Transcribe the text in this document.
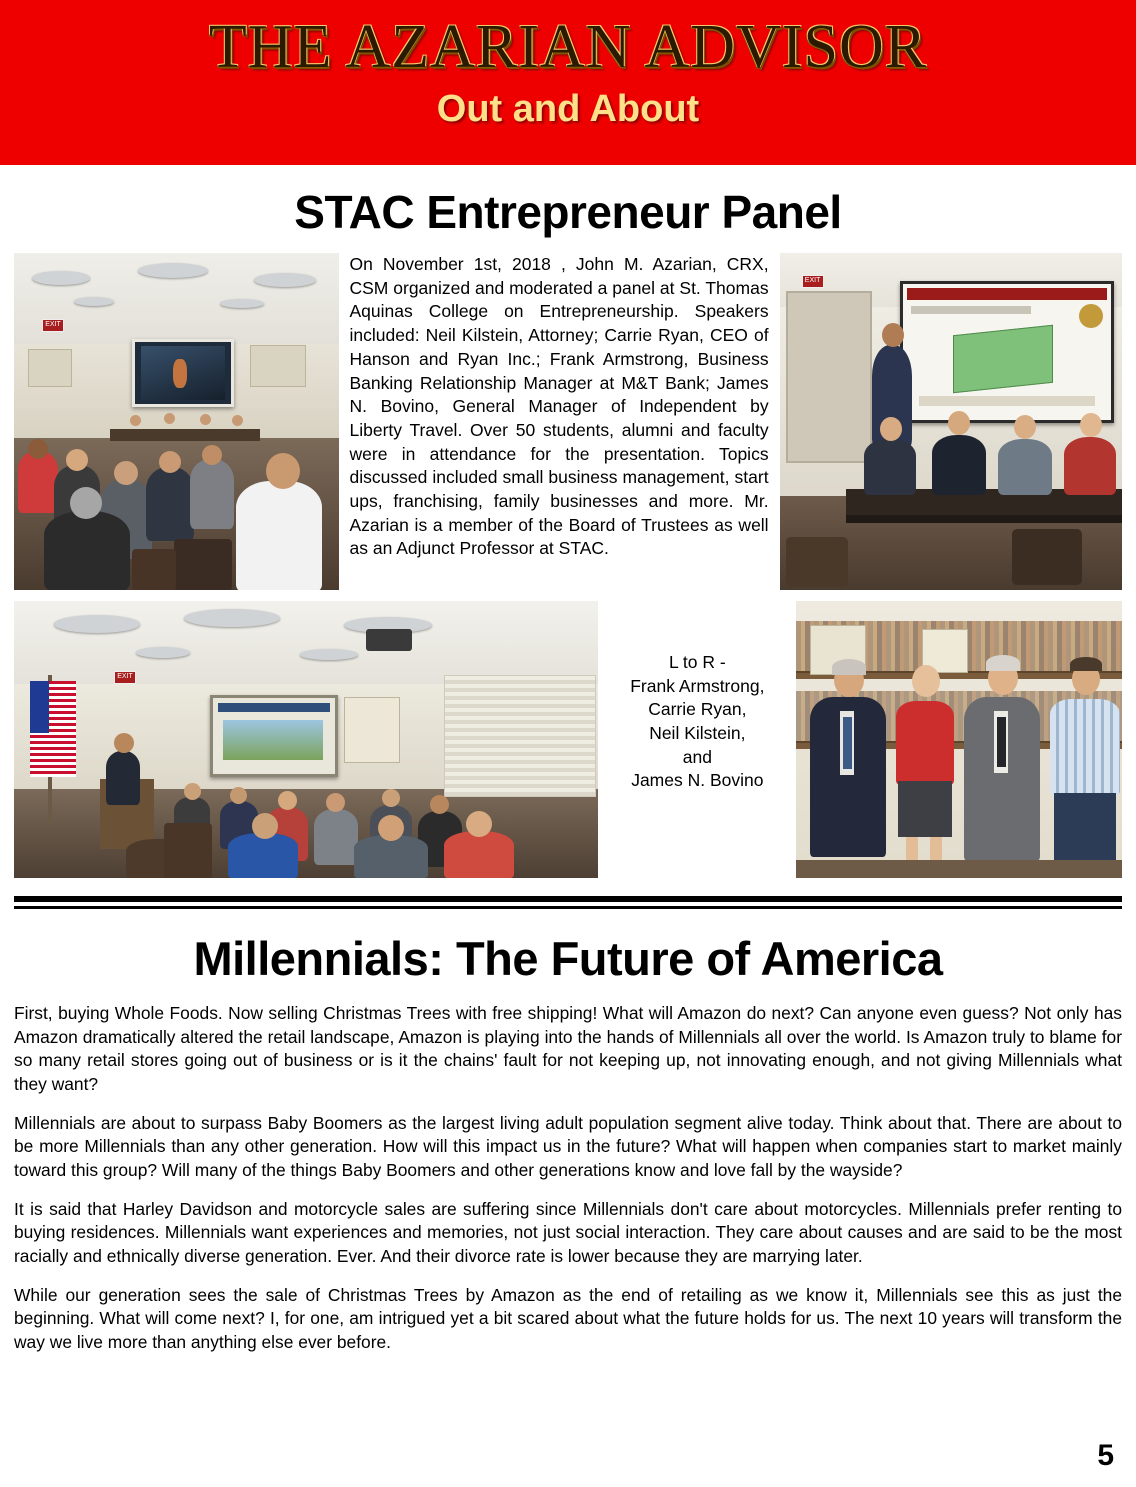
THE AZARIAN ADVISOR
Out and About
STAC Entrepreneur Panel
EXIT
On November 1st, 2018 , John M. Azarian, CRX, CSM organized and moderated a panel at St. Thomas Aquinas College on Entrepreneurship. Speakers included: Neil Kilstein, Attorney; Carrie Ryan, CEO of Hanson and Ryan Inc.; Frank Armstrong, Business Banking Relationship Manager at M&T Bank; James N. Bovino, General Manager of Independent by Liberty Travel. Over 50 students, alumni and faculty were in attendance for the presentation. Topics discussed included small business management, start ups, franchising, family businesses and more. Mr. Azarian is a member of the Board of Trustees as well as an Adjunct Professor at STAC.
EXIT
EXIT
L to R -
Frank Armstrong,
Carrie Ryan,
Neil Kilstein,
and
James N. Bovino
Millennials: The Future of America

First, buying Whole Foods. Now selling Christmas Trees with free shipping! What will Amazon do next? Can anyone even guess? Not only has Amazon dramatically altered the retail landscape, Amazon is playing into the hands of Millennials all over the world. Is Amazon truly to blame for so many retail stores going out of business or is it the chains' fault for not keeping up, not innovating enough, and not giving Millennials what they want?

Millennials are about to surpass Baby Boomers as the largest living adult population segment alive today. Think about that. There are about to be more Millennials than any other generation. How will this impact us in the future? What will happen when companies start to market mainly toward this group? Will many of the things Baby Boomers and other generations know and love fall by the wayside?

It is said that Harley Davidson and motorcycle sales are suffering since Millennials don't care about motorcycles. Millennials prefer renting to buying residences. Millennials want experiences and memories, not just social interaction. They care about causes and are said to be the most racially and ethnically diverse generation. Ever. And their divorce rate is lower because they are marrying later.

While our generation sees the sale of Christmas Trees by Amazon as the end of retailing as we know it, Millennials see this as just the beginning. What will come next? I, for one, am intrigued yet a bit scared about what the future holds for us. The next 10 years will transform the way we live more than anything else ever before.

5
